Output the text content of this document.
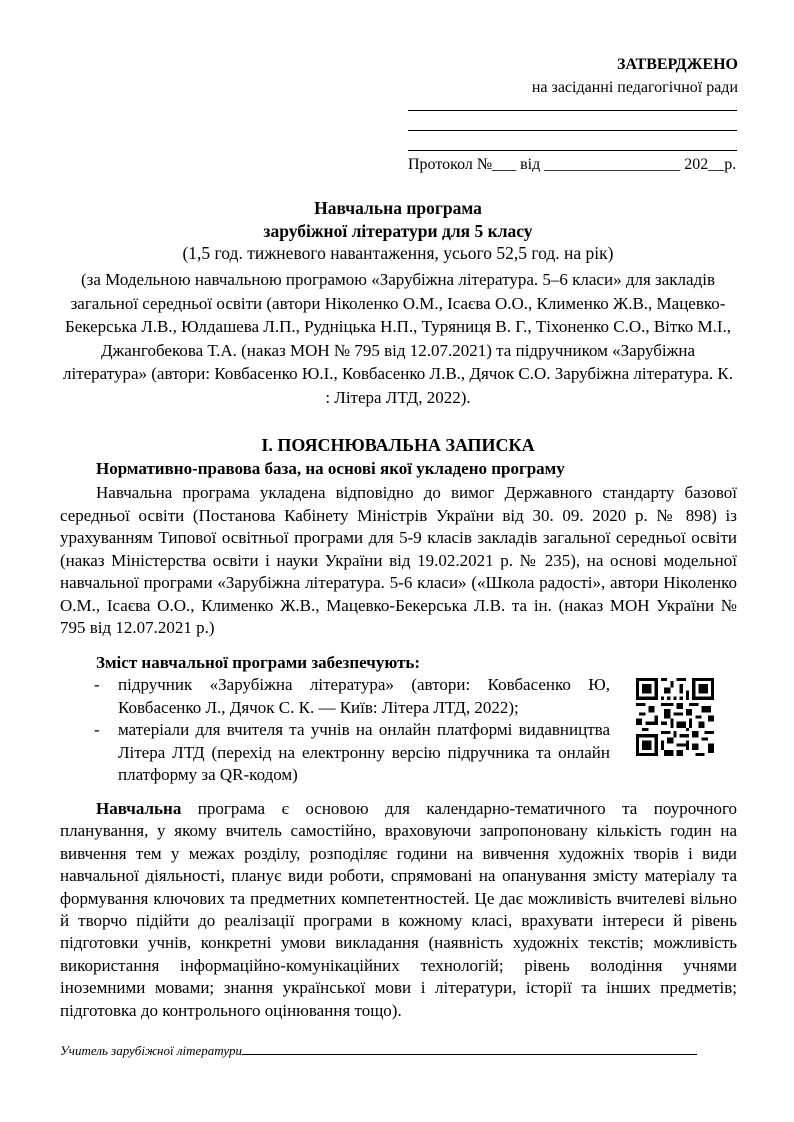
ЗАТВЕРДЖЕНО
на засіданні педагогічної ради
Протокол №___ від _________________ 202__р.
Навчальна програма
зарубіжної літератури для 5 класу
(1,5 год. тижневого навантаження, усього 52,5 год. на рік)
(за Модельною навчальною програмою «Зарубіжна література. 5–6 класи» для закладів загальної середньої освіти (автори Ніколенко О.М., Ісаєва О.О., Клименко Ж.В., Мацевко-Бекерська Л.В., Юлдашева Л.П., Рудніцька Н.П., Туряниця В. Г., Тіхоненко С.О., Вітко М.І., Джангобекова Т.А. (наказ МОН № 795 від 12.07.2021) та підручником «Зарубіжна література» (автори: Ковбасенко Ю.І., Ковбасенко Л.В., Дячок С.О. Зарубіжна література. К. : Літера ЛТД, 2022).
І. ПОЯСНЮВАЛЬНА ЗАПИСКА
Нормативно-правова база, на основі якої укладено програму
Навчальна програма укладена відповідно до вимог Державного стандарту базової середньої освіти (Постанова Кабінету Міністрів України від 30. 09. 2020 р. № 898) із урахуванням Типової освітньої програми для 5-9 класів закладів загальної середньої освіти (наказ Міністерства освіти і науки України від 19.02.2021 р. № 235), на основі модельної навчальної програми «Зарубіжна література. 5-6 класи» («Школа радості», автори Ніколенко О.М., Ісаєва О.О., Клименко Ж.В., Мацевко-Бекерська Л.В. та ін. (наказ МОН України № 795 від 12.07.2021 р.)
Зміст навчальної програми забезпечують:
- підручник «Зарубіжна література» (автори: Ковбасенко Ю, Ковбасенко Л., Дячок С. К. — Київ: Літера ЛТД, 2022);
- матеріали для вчителя та учнів на онлайн платформі видавництва Літера ЛТД (перехід на електронну версію підручника та онлайн платформу за QR-кодом)
Навчальна програма є основою для календарно-тематичного та поурочного планування, у якому вчитель самостійно, враховуючи запропоновану кількість годин на вивчення тем у межах розділу, розподіляє години на вивчення художніх творів і види навчальної діяльності, планує види роботи, спрямовані на опанування змісту матеріалу та формування ключових та предметних компетентностей. Це дає можливість вчителеві вільно й творчо підійти до реалізації програми в кожному класі, врахувати інтереси й рівень підготовки учнів, конкретні умови викладання (наявність художніх текстів; можливість використання інформаційно-комунікаційних технологій; рівень володіння учнями іноземними мовами; знання української мови і літератури, історії та інших предметів; підготовка до контрольного оцінювання тощо).
Учитель зарубіжної літератури
